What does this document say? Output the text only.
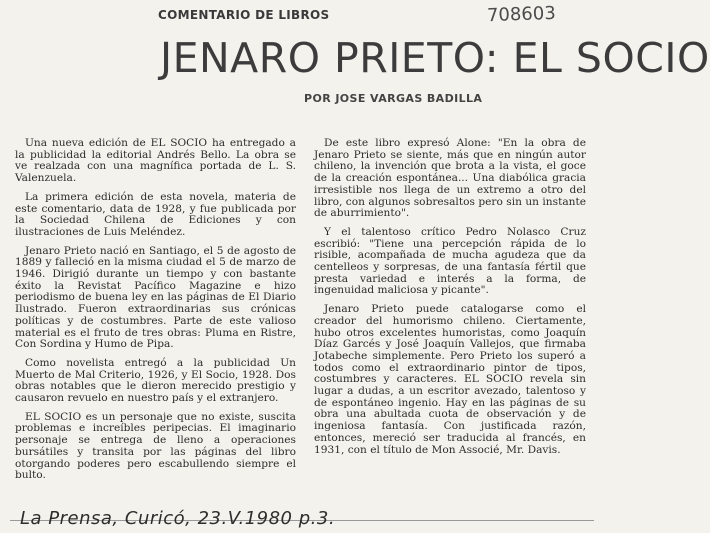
COMENTARIO DE LIBROS	708603
JENARO PRIETO: EL SOCIO
POR JOSE VARGAS BADILLA

Una nueva edición de EL SOCIO ha entregado a la publicidad la editorial Andrés Bello. La obra se ve realzada con una magnífica portada de L. S. Valenzuela.

La primera edición de esta novela, materia de este comentario, data de 1928, y fue publicada por la Sociedad Chilena de Ediciones y con ilustraciones de Luis Meléndez.

Jenaro Prieto nació en Santiago, el 5 de agosto de 1889 y falleció en la misma ciudad el 5 de marzo de 1946. Dirigió durante un tiempo y con bastante éxito la Revistat Pacífico Magazine e hizo periodismo de buena ley en las páginas de El Diario Ilustrado. Fueron extraordinarias sus crónicas políticas y de costumbres. Parte de este valioso material es el fruto de tres obras: Pluma en Ristre, Con Sordina y Humo de Pipa.

Como novelista entregó a la publicidad Un Muerto de Mal Criterio, 1926, y El Socio, 1928. Dos obras notables que le dieron merecido prestigio y causaron revuelo en nuestro país y el extranjero.

EL SOCIO es un personaje que no existe, suscita problemas e increíbles peripecias. El imaginario personaje se entrega de lleno a operaciones bursátiles y transita por las páginas del libro otorgando poderes pero escabullendo siempre el bulto.

De este libro expresó Alone: "En la obra de Jenaro Prieto se siente, más que en ningún autor chileno, la invención que brota a la vista, el goce de la creación espontánea... Una diabólica gracia irresistible nos llega de un extremo a otro del libro, con algunos sobresaltos pero sin un instante de aburrimiento".

Y el talentoso crítico Pedro Nolasco Cruz escribió: "Tiene una percepción rápida de lo risible, acompañada de mucha agudeza que da centelleos y sorpresas, de una fantasía fértil que presta variedad e interés a la forma, de ingenuidad maliciosa y picante".

Jenaro Prieto puede catalogarse como el creador del humorismo chileno. Ciertamente, hubo otros excelentes humoristas, como Joaquín Díaz Garcés y José Joaquín Vallejos, que firmaba Jotabeche simplemente. Pero Prieto los superó a todos como el extraordinario pintor de tipos, costumbres y caracteres. EL SOCIO revela sin lugar a dudas, a un escritor avezado, talentoso y de espontáneo ingenio. Hay en las páginas de su obra una abultada cuota de observación y de ingeniosa fantasía. Con justificada razón, entonces, mereció ser traducida al francés, en 1931, con el título de Mon Associé, Mr. Davis.

La Prensa, Curicó, 23.V.1980 p.3.
